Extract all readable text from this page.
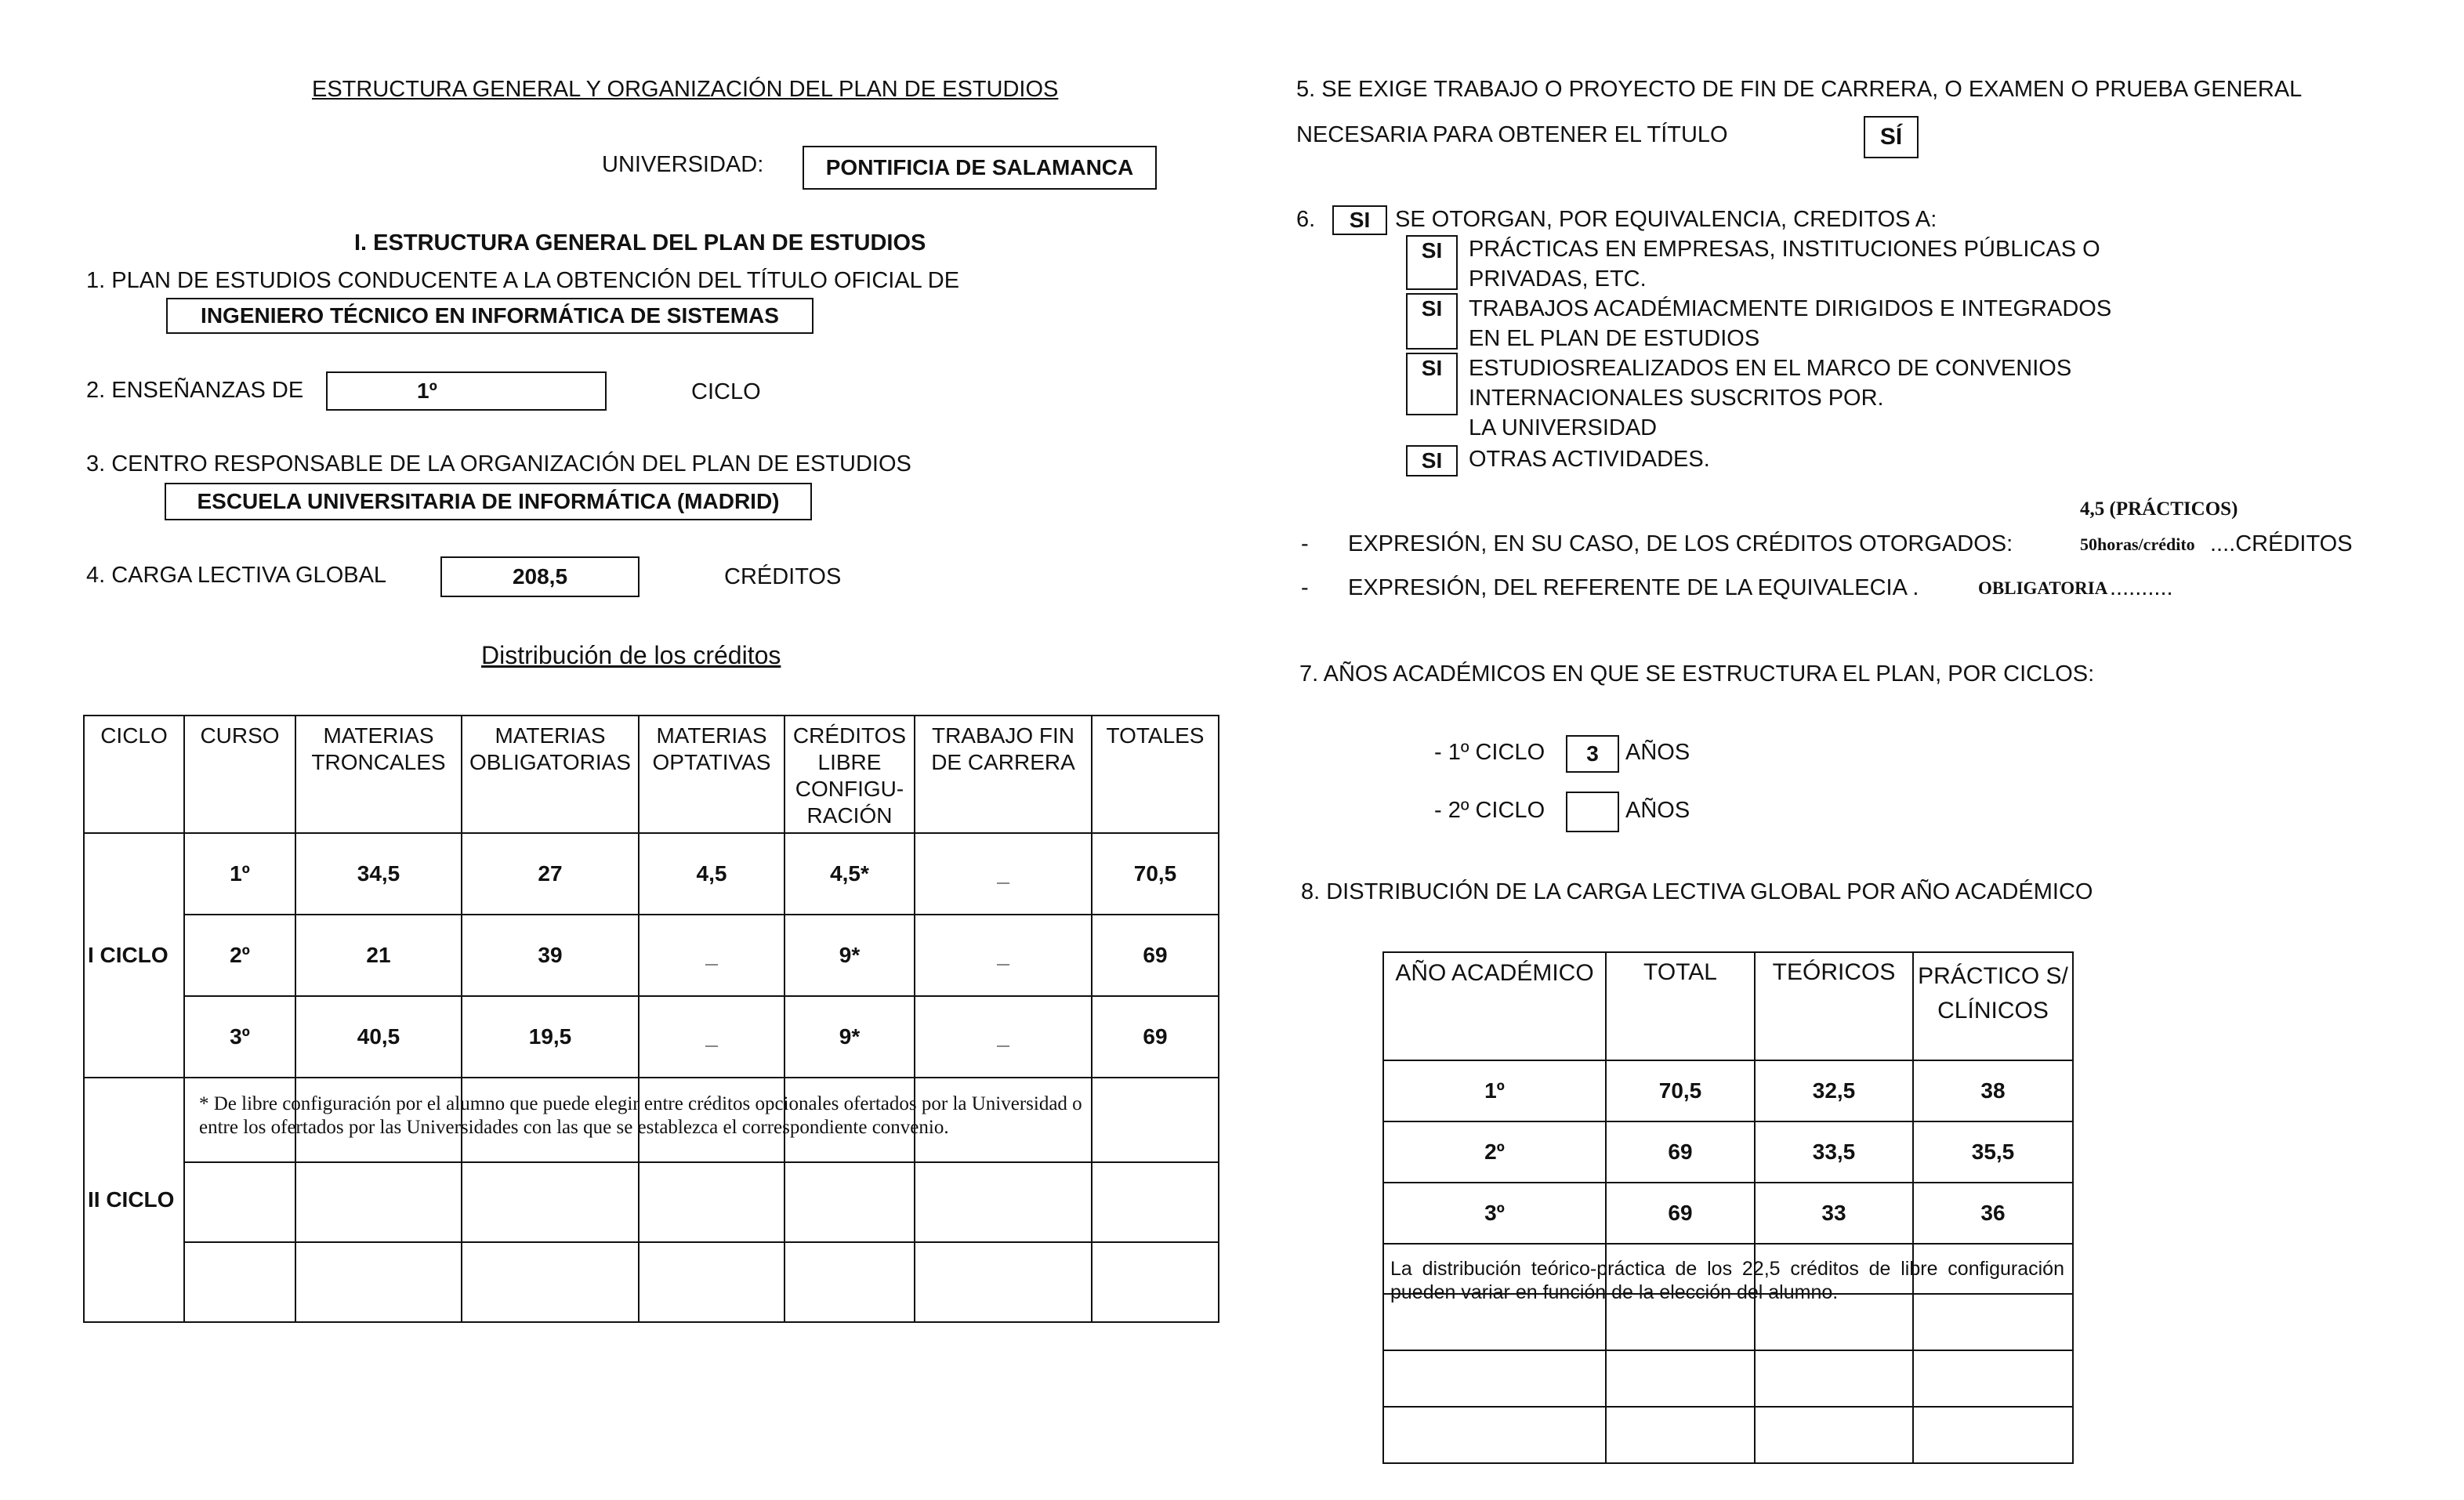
ESTRUCTURA GENERAL Y ORGANIZACIÓN DEL PLAN DE ESTUDIOS
UNIVERSIDAD:	PONTIFICIA DE SALAMANCA
I. ESTRUCTURA GENERAL DEL PLAN DE ESTUDIOS
1. PLAN DE ESTUDIOS CONDUCENTE A LA OBTENCIÓN DEL TÍTULO OFICIAL DE
INGENIERO TÉCNICO EN INFORMÁTICA DE SISTEMAS
2. ENSEÑANZAS DE	1º	CICLO
3. CENTRO RESPONSABLE DE LA ORGANIZACIÓN DEL PLAN DE ESTUDIOS
ESCUELA UNIVERSITARIA DE INFORMÁTICA (MADRID)
4. CARGA LECTIVA GLOBAL	208,5	CRÉDITOS
Distribución de los créditos
CICLO	CURSO	MATERIAS TRONCALES	MATERIAS OBLIGATORIAS	MATERIAS OPTATIVAS	CRÉDITOS LIBRE CONFIGU-RACIÓN	TRABAJO FIN DE CARRERA	TOTALES
I CICLO	1º	34,5	27	4,5	4,5*	_	70,5
	2º	21	39	_	9*	_	69
	3º	40,5	19,5	_	9*	_	69
II CICLO							

* De libre configuración por el alumno que puede elegir entre créditos opcionales ofertados por la Universidad o entre los ofertados por las Universidades con las que se establezca el correspondiente convenio.
5. SE EXIGE TRABAJO O PROYECTO DE FIN DE CARRERA, O EXAMEN O PRUEBA GENERAL
NECESARIA PARA OBTENER EL TÍTULO	SÍ
6.	SI	SE OTORGAN, POR EQUIVALENCIA, CREDITOS A:
SI	PRÁCTICAS EN EMPRESAS, INSTITUCIONES PÚBLICAS O
PRIVADAS, ETC.
SI	TRABAJOS ACADÉMIACMENTE DIRIGIDOS E INTEGRADOS
EN EL PLAN DE ESTUDIOS
SI	ESTUDIOSREALIZADOS EN EL MARCO DE CONVENIOS
INTERNACIONALES SUSCRITOS POR.
LA UNIVERSIDAD
SI	OTRAS ACTIVIDADES.
4,5 (PRÁCTICOS)
- EXPRESIÓN, EN SU CASO, DE LOS CRÉDITOS OTORGADOS:	50horas/crédito ....CRÉDITOS
- EXPRESIÓN, DEL REFERENTE DE LA EQUIVALECIA .	OBLIGATORIA ..........
7. AÑOS ACADÉMICOS EN QUE SE ESTRUCTURA EL PLAN, POR CICLOS:
- 1º CICLO	3	AÑOS
- 2º CICLO	AÑOS
8. DISTRIBUCIÓN DE LA CARGA LECTIVA GLOBAL POR AÑO ACADÉMICO
AÑO ACADÉMICO	TOTAL	TEÓRICOS	PRÁCTICO S/ CLÍNICOS
1º	70,5	32,5	38
2º	69	33,5	35,5
3º	69	33	36

La distribución teórico-práctica de los 22,5 créditos de libre configuración pueden variar en función de la elección del alumno.
